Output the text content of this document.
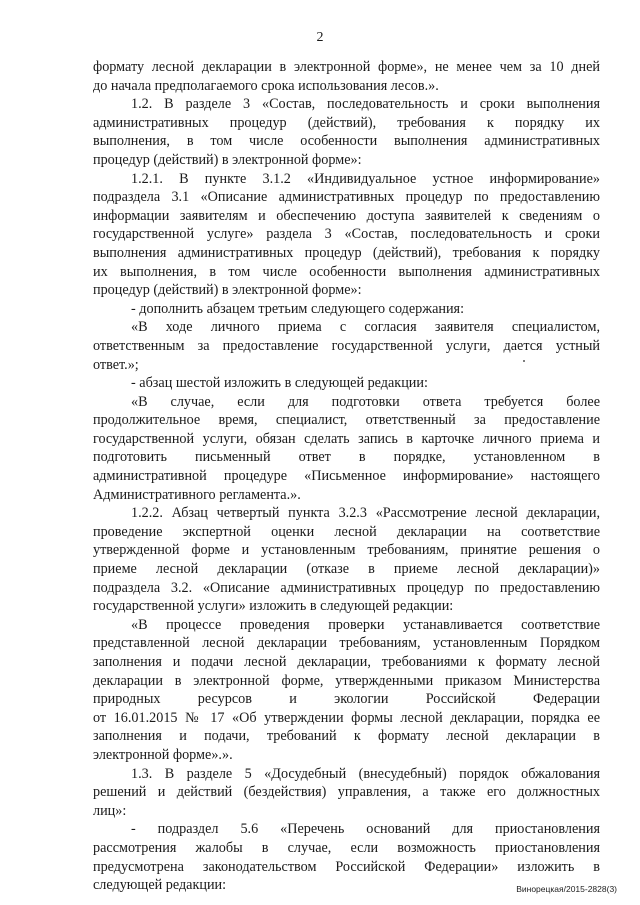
2
формату лесной декларации в электронной форме», не менее чем за 10 дней
до начала предполагаемого срока использования лесов.».
1.2. В разделе 3 «Состав, последовательность и сроки выполнения
административных процедур (действий), требования к порядку их
выполнения, в том числе особенности выполнения административных
процедур (действий) в электронной форме»:
1.2.1. В пункте 3.1.2 «Индивидуальное устное информирование»
подраздела 3.1 «Описание административных процедур по предоставлению
информации заявителям и обеспечению доступа заявителей к сведениям о
государственной услуге» раздела 3 «Состав, последовательность и сроки
выполнения административных процедур (действий), требования к порядку
их выполнения, в том числе особенности выполнения административных
процедур (действий) в электронной форме»:
- дополнить абзацем третьим следующего содержания:
«В ходе личного приема с согласия заявителя специалистом,
ответственным за предоставление государственной услуги, дается устный
ответ.»;
- абзац шестой изложить в следующей редакции:
«В случае, если для подготовки ответа требуется более
продолжительное время, специалист, ответственный за предоставление
государственной услуги, обязан сделать запись в карточке личного приема и
подготовить письменный ответ в порядке, установленном в
административной процедуре «Письменное информирование» настоящего
Административного регламента.».
1.2.2. Абзац четвертый пункта 3.2.3 «Рассмотрение лесной декларации,
проведение экспертной оценки лесной декларации на соответствие
утвержденной форме и установленным требованиям, принятие решения о
приеме лесной декларации (отказе в приеме лесной декларации)»
подраздела 3.2. «Описание административных процедур по предоставлению
государственной услуги» изложить в следующей редакции:
«В процессе проведения проверки устанавливается соответствие
представленной лесной декларации требованиям, установленным Порядком
заполнения и подачи лесной декларации, требованиями к формату лесной
декларации в электронной форме, утвержденными приказом Министерства
природных ресурсов и экологии Российской Федерации
от 16.01.2015 № 17 «Об утверждении формы лесной декларации, порядка ее
заполнения и подачи, требований к формату лесной декларации в
электронной форме».».
1.3. В разделе 5 «Досудебный (внесудебный) порядок обжалования
решений и действий (бездействия) управления, а также его должностных
лиц»:
- подраздел 5.6 «Перечень оснований для приостановления
рассмотрения жалобы в случае, если возможность приостановления
предусмотрена законодательством Российской Федерации» изложить в
следующей редакции:	Винорецкая/2015-2828(3)
